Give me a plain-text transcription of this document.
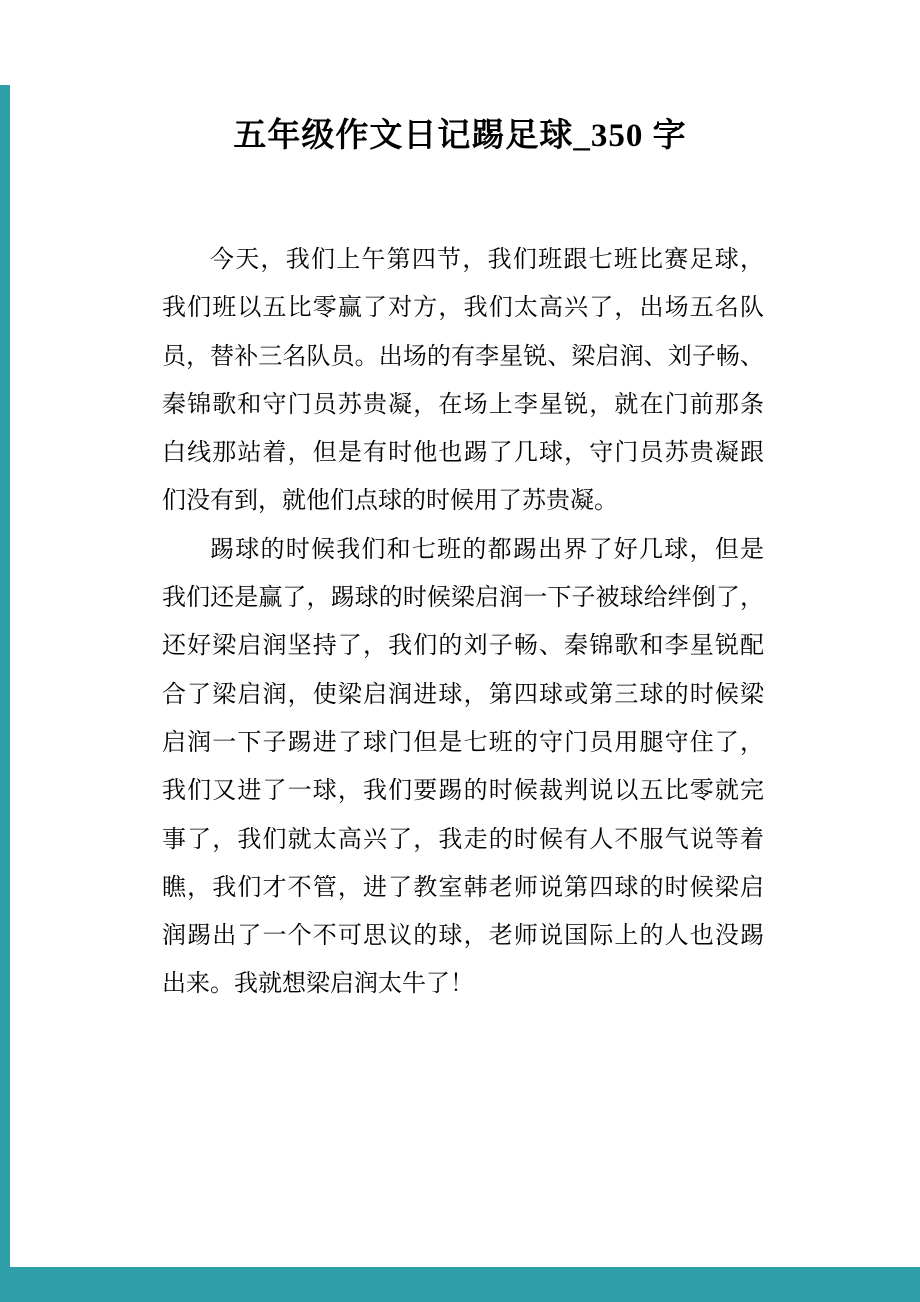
五年级作文日记踢足球_350 字
今天，我们上午第四节，我们班跟七班比赛足球，
我们班以五比零赢了对方，我们太高兴了，出场五名队
员，替补三名队员。出场的有李星锐、梁启润、刘子畅、
秦锦歌和守门员苏贵凝，在场上李星锐，就在门前那条
白线那站着，但是有时他也踢了几球，守门员苏贵凝跟
们没有到，就他们点球的时候用了苏贵凝。
踢球的时候我们和七班的都踢出界了好几球，但是
我们还是赢了，踢球的时候梁启润一下子被球给绊倒了，
还好梁启润坚持了，我们的刘子畅、秦锦歌和李星锐配
合了梁启润，使梁启润进球，第四球或第三球的时候梁
启润一下子踢进了球门但是七班的守门员用腿守住了，
我们又进了一球，我们要踢的时候裁判说以五比零就完
事了，我们就太高兴了，我走的时候有人不服气说等着
瞧，我们才不管，进了教室韩老师说第四球的时候梁启
润踢出了一个不可思议的球，老师说国际上的人也没踢
出来。我就想梁启润太牛了！
